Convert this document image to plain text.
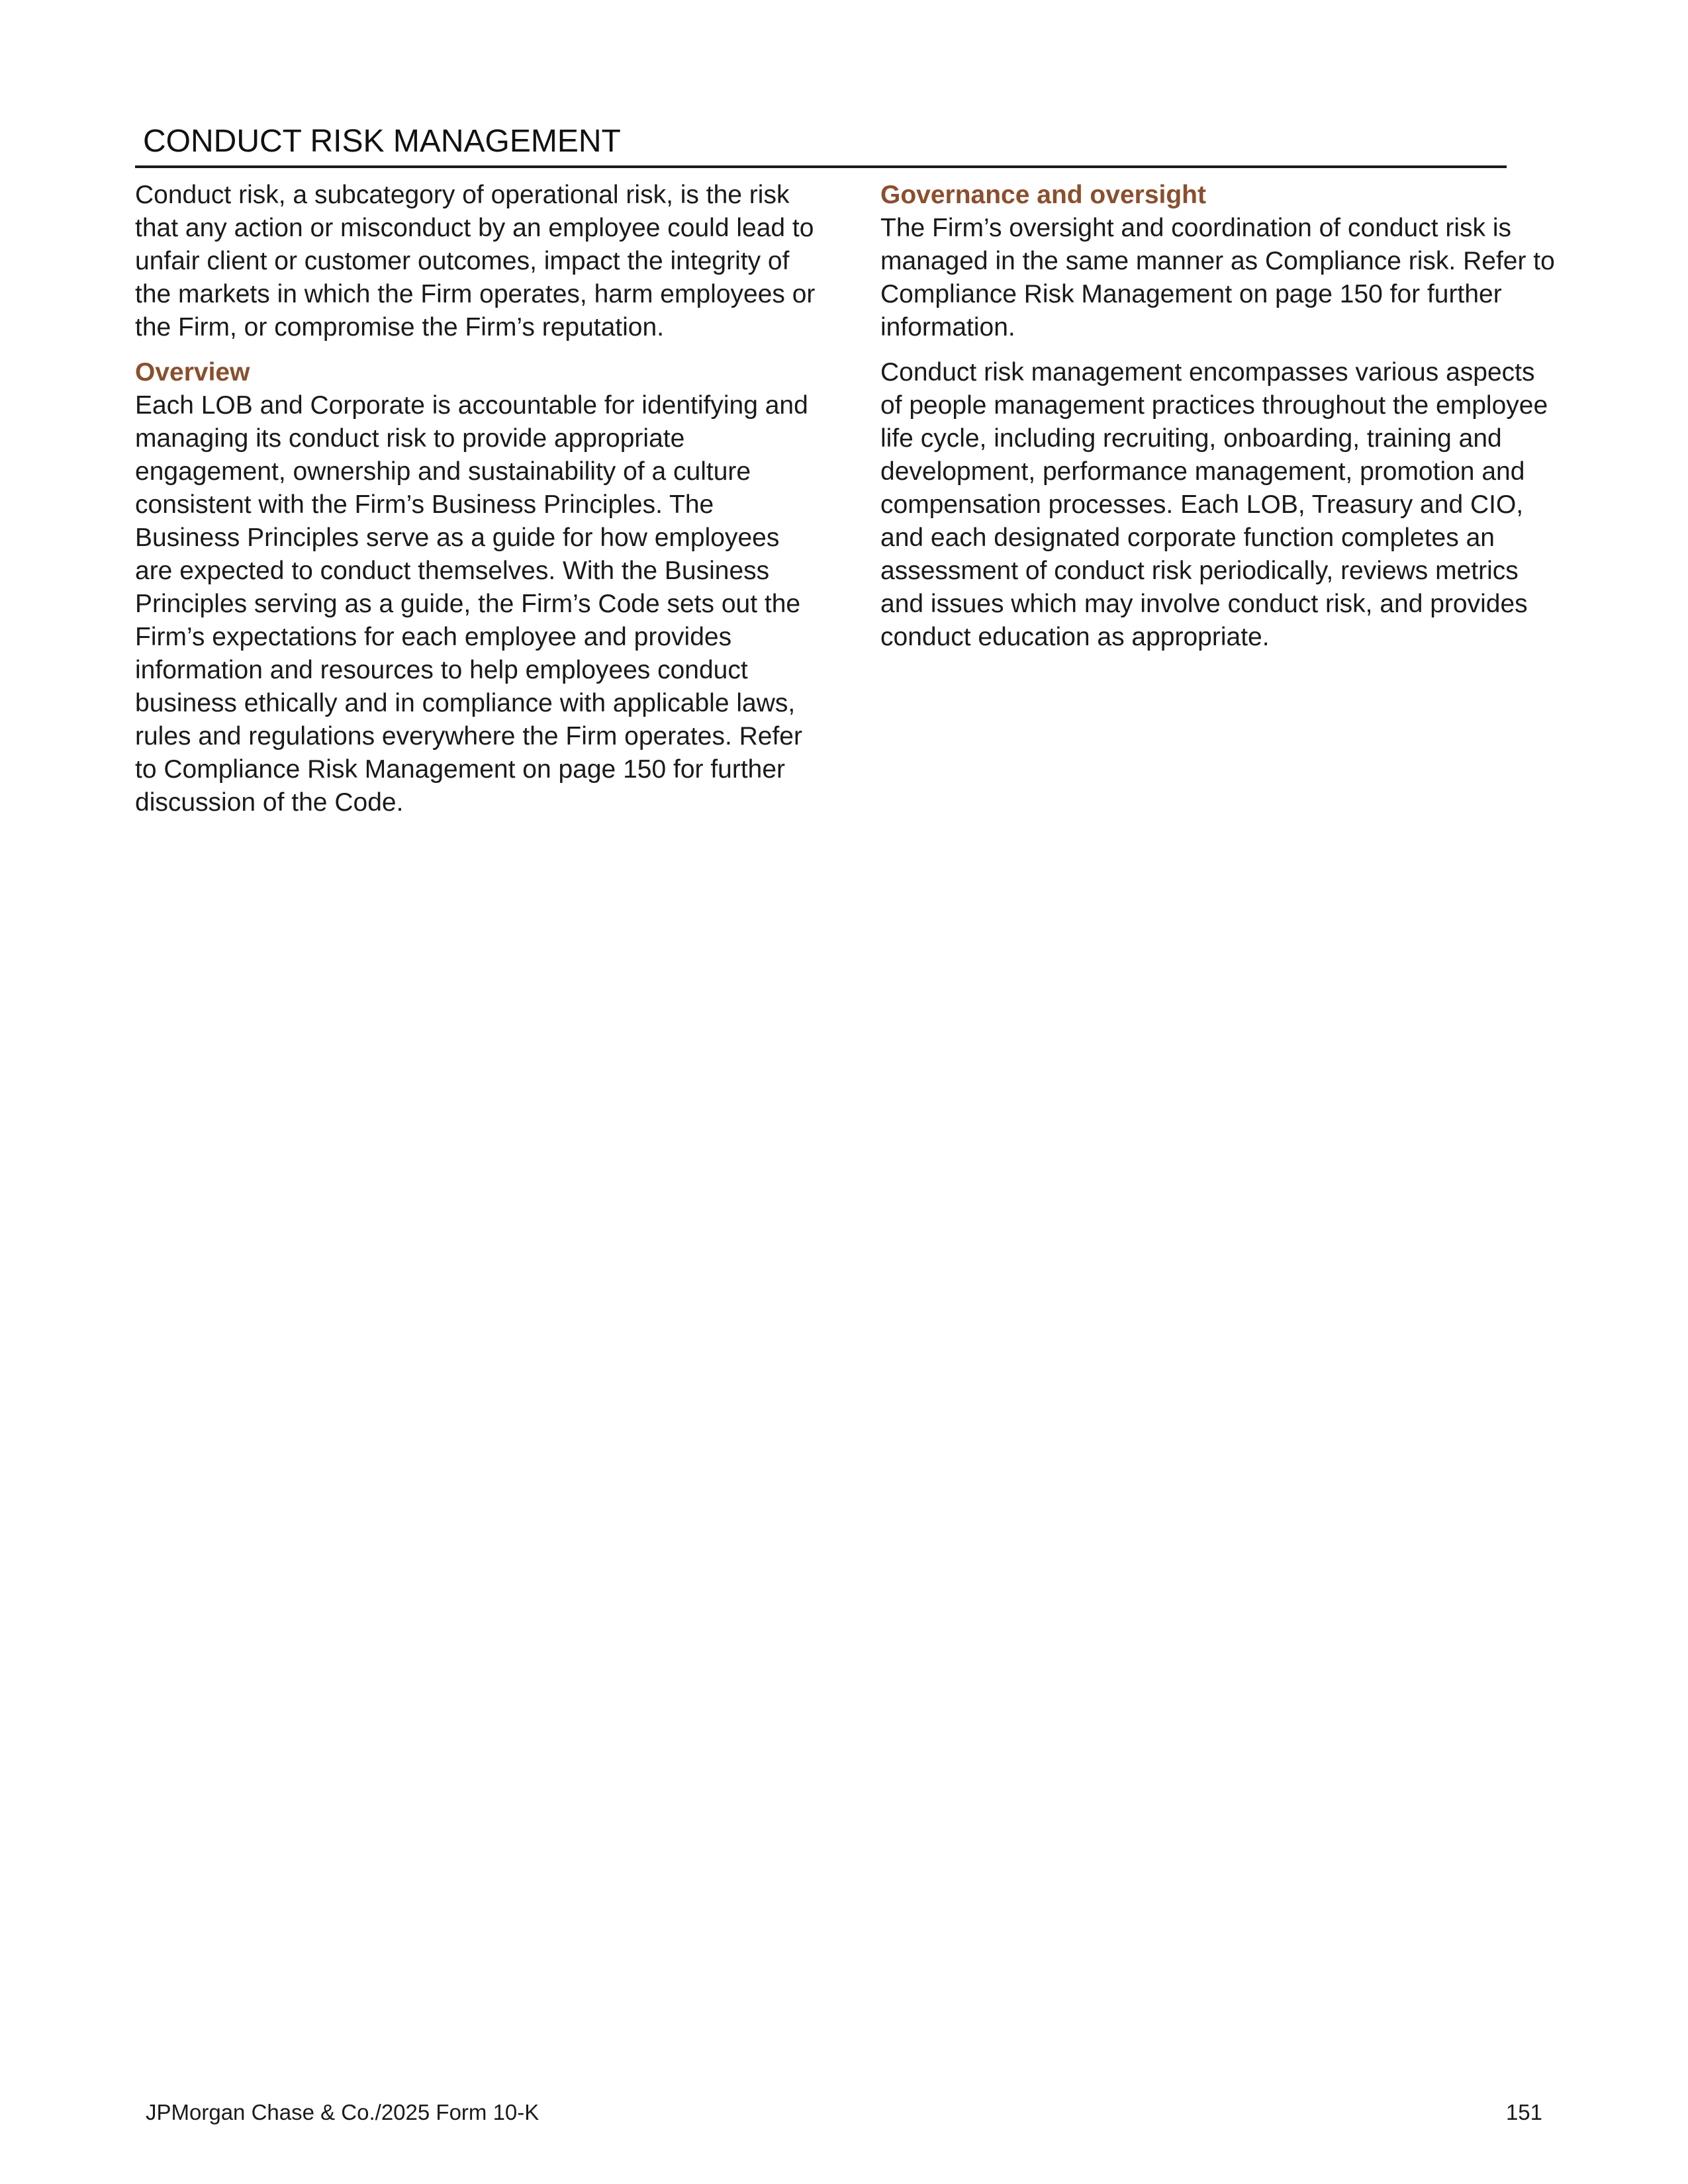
CONDUCT RISK MANAGEMENT

Conduct risk, a subcategory of operational risk, is the risk that any action or misconduct by an employee could lead to unfair client or customer outcomes, impact the integrity of the markets in which the Firm operates, harm employees or the Firm, or compromise the Firm’s reputation.

Overview

Each LOB and Corporate is accountable for identifying and managing its conduct risk to provide appropriate engagement, ownership and sustainability of a culture consistent with the Firm’s Business Principles. The Business Principles serve as a guide for how employees are expected to conduct themselves. With the Business Principles serving as a guide, the Firm’s Code sets out the Firm’s expectations for each employee and provides information and resources to help employees conduct business ethically and in compliance with applicable laws, rules and regulations everywhere the Firm operates. Refer to Compliance Risk Management on page 150 for further discussion of the Code.

Governance and oversight

The Firm’s oversight and coordination of conduct risk is managed in the same manner as Compliance risk. Refer to Compliance Risk Management on page 150 for further information.

Conduct risk management encompasses various aspects of people management practices throughout the employee life cycle, including recruiting, onboarding, training and development, performance management, promotion and compensation processes. Each LOB, Treasury and CIO, and each designated corporate function completes an assessment of conduct risk periodically, reviews metrics and issues which may involve conduct risk, and provides conduct education as appropriate.

JPMorgan Chase & Co./2025 Form 10-K	151
